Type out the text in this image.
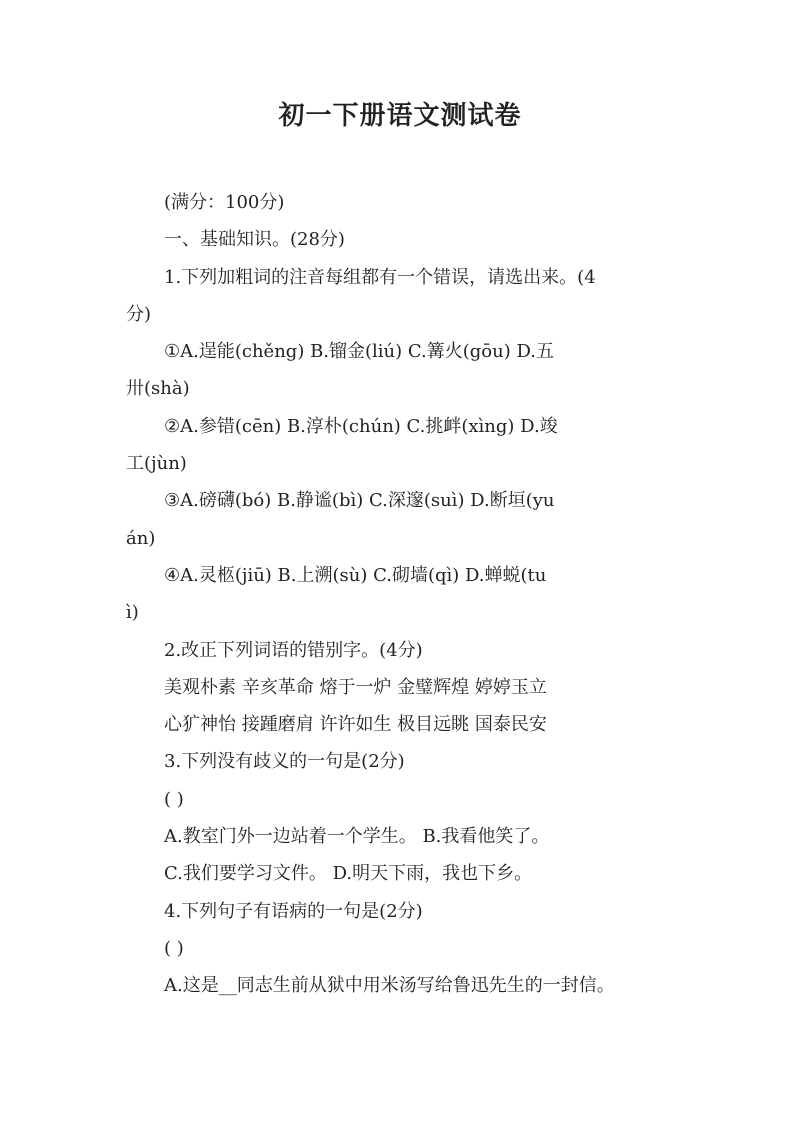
初一下册语文测试卷
(满分：100分)
一、基础知识。(28分)
1.下列加粗词的注音每组都有一个错误，请选出来。(4
分)
①A.逞能(chěng) B.镏金(liú) C.篝火(gōu) D.五
卅(shà)
②A.参错(cēn) B.淳朴(chún) C.挑衅(xìng) D.竣
工(jùn)
③A.磅礴(bó) B.静谧(bì) C.深邃(suì) D.断垣(yu
án)
④A.灵柩(jiū) B.上溯(sù) C.砌墙(qì) D.蝉蜕(tu
ì)
2.改正下列词语的错别字。(4分)
美观朴素 辛亥革命 熔于一炉 金璧辉煌 婷婷玉立
心犷神怡 接踵磨肩 许许如生 极目远眺 国泰民安
3.下列没有歧义的一句是(2分)
( )
A.教室门外一边站着一个学生。 B.我看他笑了。
C.我们要学习文件。 D.明天下雨，我也下乡。
4.下列句子有语病的一句是(2分)
( )
A.这是__同志生前从狱中用米汤写给鲁迅先生的一封信。
